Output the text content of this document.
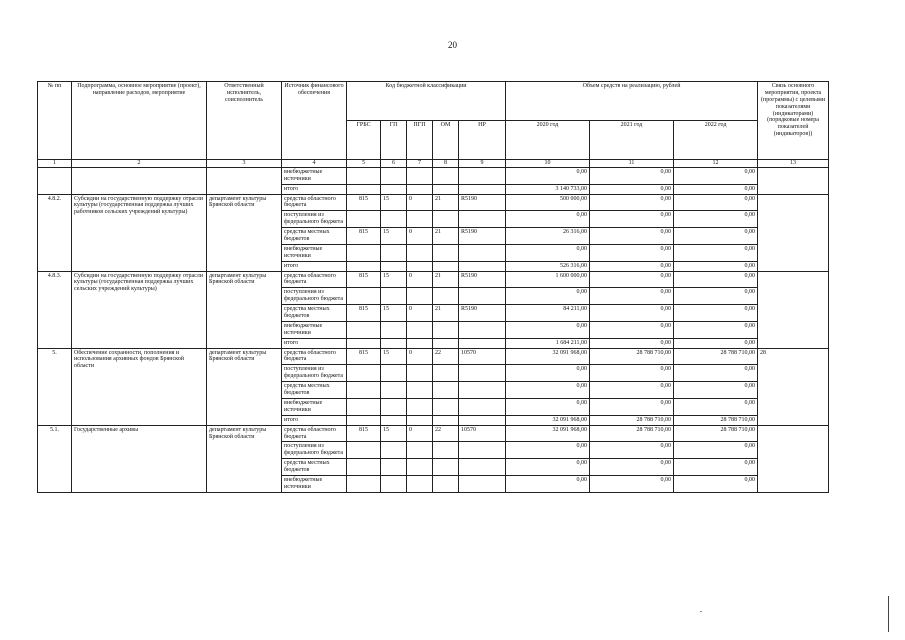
20
№ пп	Подпрограмма, основное мероприятие (проект), направление расходов, мероприятие	Ответственный исполнитель, соисполнитель	Источник финансового обеспечения	Код бюджетной классификации					Объем средств на реализацию, рублей			Связь основного мероприятия, проекта (программы) с целевыми показателями (индикаторами) (порядковые номера показателей (индикаторов))
				ГРБС	ГП	ПГП	ОМ	НР	2020 год	2021 год	2022 год	
1	2	3	4	5	6	7	8	9	10	11	12	13
			внебюджетные источники						0,00	0,00	0,00	
			итого						3 140 733,00	0,00	0,00	
4.8.2.	Субсидии на государственную поддержку отрасли культуры (государственная поддержка лучших работников сельских учреждений культуры)	департамент культуры Брянской области	средства областного бюджета	815	15	0	21	R5190	500 000,00	0,00	0,00	
			поступления из федерального бюджета						0,00	0,00	0,00	
			средства местных бюджетов	815	15	0	21	R5190	26 316,00	0,00	0,00	
			внебюджетные источники						0,00	0,00	0,00	
			итого						526 316,00	0,00	0,00	
4.8.3.	Субсидии на государственную поддержку отрасли культуры (государственная поддержка лучших сельских учреждений культуры)	департамент культуры Брянской области	средства областного бюджета	815	15	0	21	R5190	1 600 000,00	0,00	0,00	
			поступления из федерального бюджета						0,00	0,00	0,00	
			средства местных бюджетов	815	15	0	21	R5190	84 211,00	0,00	0,00	
			внебюджетные источники						0,00	0,00	0,00	
			итого						1 684 211,00	0,00	0,00	
5.	Обеспечение сохранности, пополнения и использования архивных фондов Брянской области	департамент культуры Брянской области	средства областного бюджета	815	15	0	22	10570	32 091 968,00	28 788 710,00	28 788 710,00	28
			поступления из федерального бюджета						0,00	0,00	0,00	
			средства местных бюджетов						0,00	0,00	0,00	
			внебюджетные источники						0,00	0,00	0,00	
			итого						32 091 968,00	28 788 710,00	28 788 710,00	
5.1.	Государственные архивы	департамент культуры Брянской области	средства областного бюджета	815	15	0	22	10570	32 091 968,00	28 788 710,00	28 788 710,00	
			поступления из федерального бюджета						0,00	0,00	0,00	
			средства местных бюджетов						0,00	0,00	0,00	
			внебюджетные источники						0,00	0,00	0,00	
